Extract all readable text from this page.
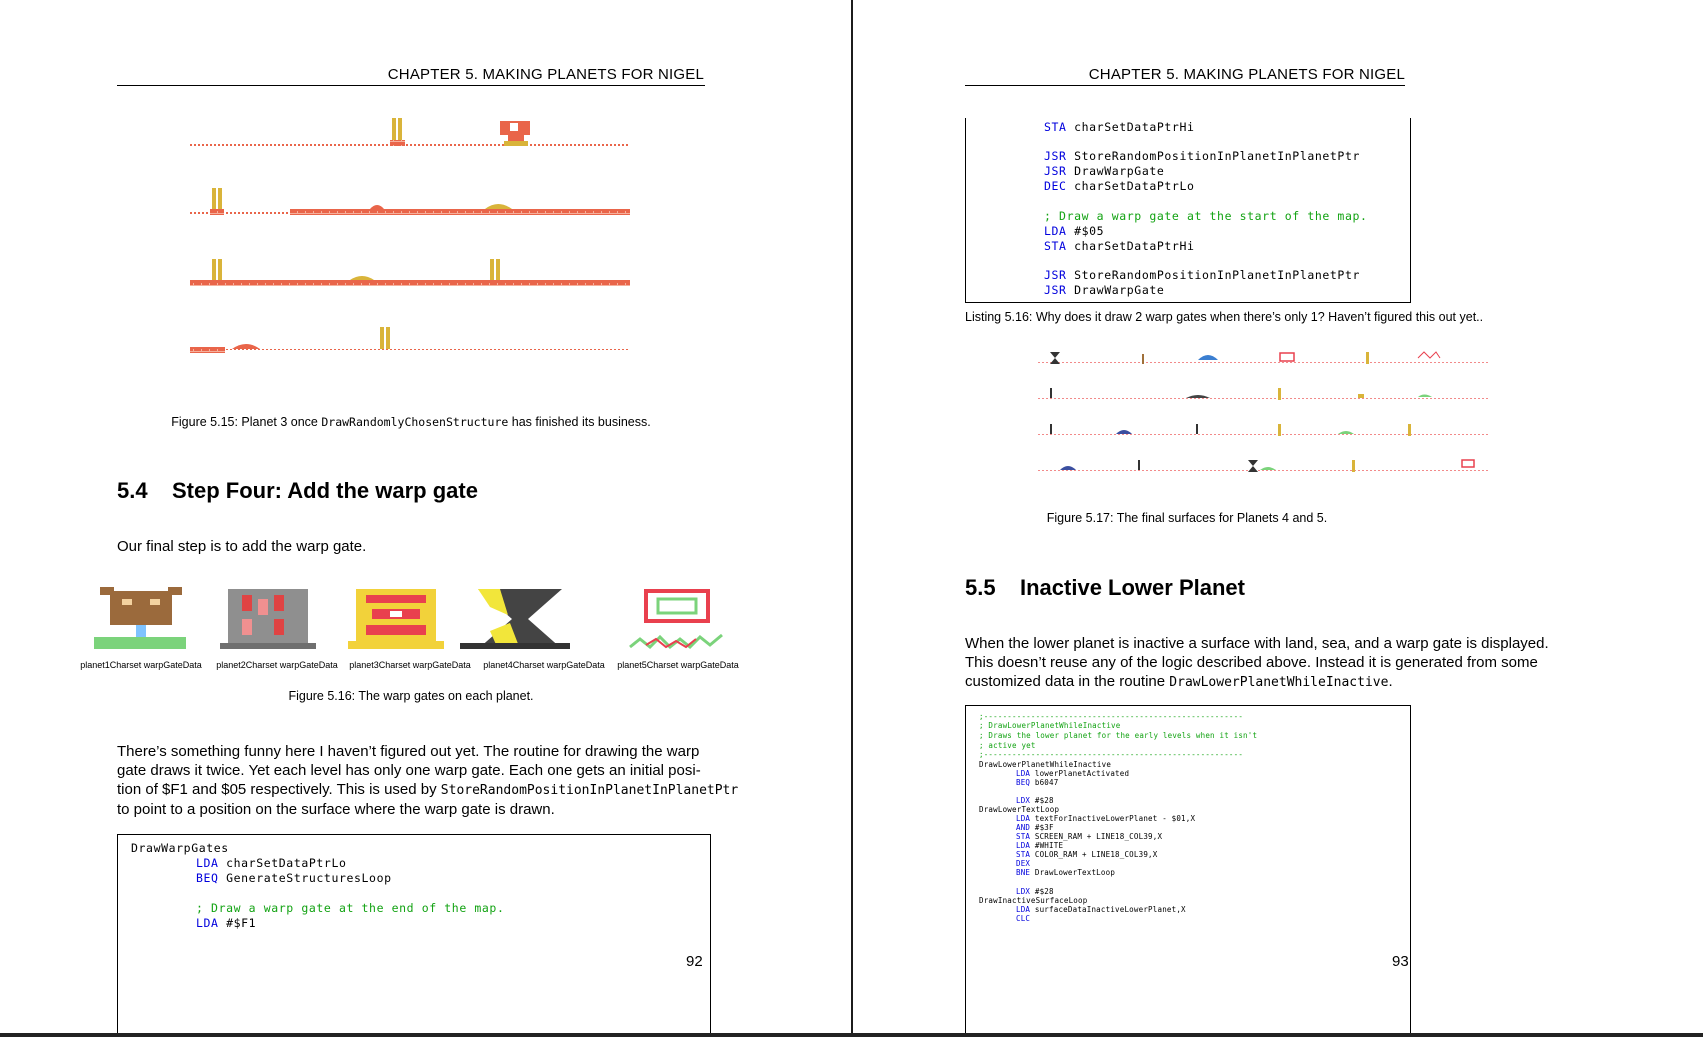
CHAPTER 5. MAKING PLANETS FOR NIGEL
Figure 5.15: Planet 3 once DrawRandomlyChosenStructure has finished its business.
5.4 Step Four: Add the warp gate
Our final step is to add the warp gate.
planet1Charset warpGateData	planet2Charset warpGateData	planet3Charset warpGateData	planet4Charset warpGateData	planet5Charset warpGateData
Figure 5.16: The warp gates on each planet.
There’s something funny here I haven’t figured out yet. The routine for drawing the warp
gate draws it twice. Yet each level has only one warp gate. Each one gets an initial posi-
tion of $F1 and $05 respectively. This is used by StoreRandomPositionInPlanetInPlanetPtr
to point to a position on the surface where the warp gate is drawn.
DrawWarpGates
LDA charSetDataPtrLo
BEQ GenerateStructuresLoop
; Draw a warp gate at the end of the map.
LDA #$F1
92
CHAPTER 5. MAKING PLANETS FOR NIGEL
STA charSetDataPtrHi
JSR StoreRandomPositionInPlanetInPlanetPtr
JSR DrawWarpGate
DEC charSetDataPtrLo
; Draw a warp gate at the start of the map.
LDA #$05
STA charSetDataPtrHi
JSR StoreRandomPositionInPlanetInPlanetPtr
JSR DrawWarpGate
Listing 5.16: Why does it draw 2 warp gates when there’s only 1? Haven’t figured this out yet..
Figure 5.17: The final surfaces for Planets 4 and 5.
5.5 Inactive Lower Planet
When the lower planet is inactive a surface with land, sea, and a warp gate is displayed.
This doesn’t reuse any of the logic described above. Instead it is generated from some
customized data in the routine DrawLowerPlanetWhileInactive.
;-------------------------------------------------------
; DrawLowerPlanetWhileInactive
; Draws the lower planet for the early levels when it isn't
; active yet
;-------------------------------------------------------
DrawLowerPlanetWhileInactive
LDA lowerPlanetActivated
BEQ b6047
LDX #$28
DrawLowerTextLoop
LDA textForInactiveLowerPlanet - $01,X
AND #$3F
STA SCREEN_RAM + LINE18_COL39,X
LDA #WHITE
STA COLOR_RAM + LINE18_COL39,X
DEX
BNE DrawLowerTextLoop
LDX #$28
DrawInactiveSurfaceLoop
LDA surfaceDataInactiveLowerPlanet,X
CLC
93
